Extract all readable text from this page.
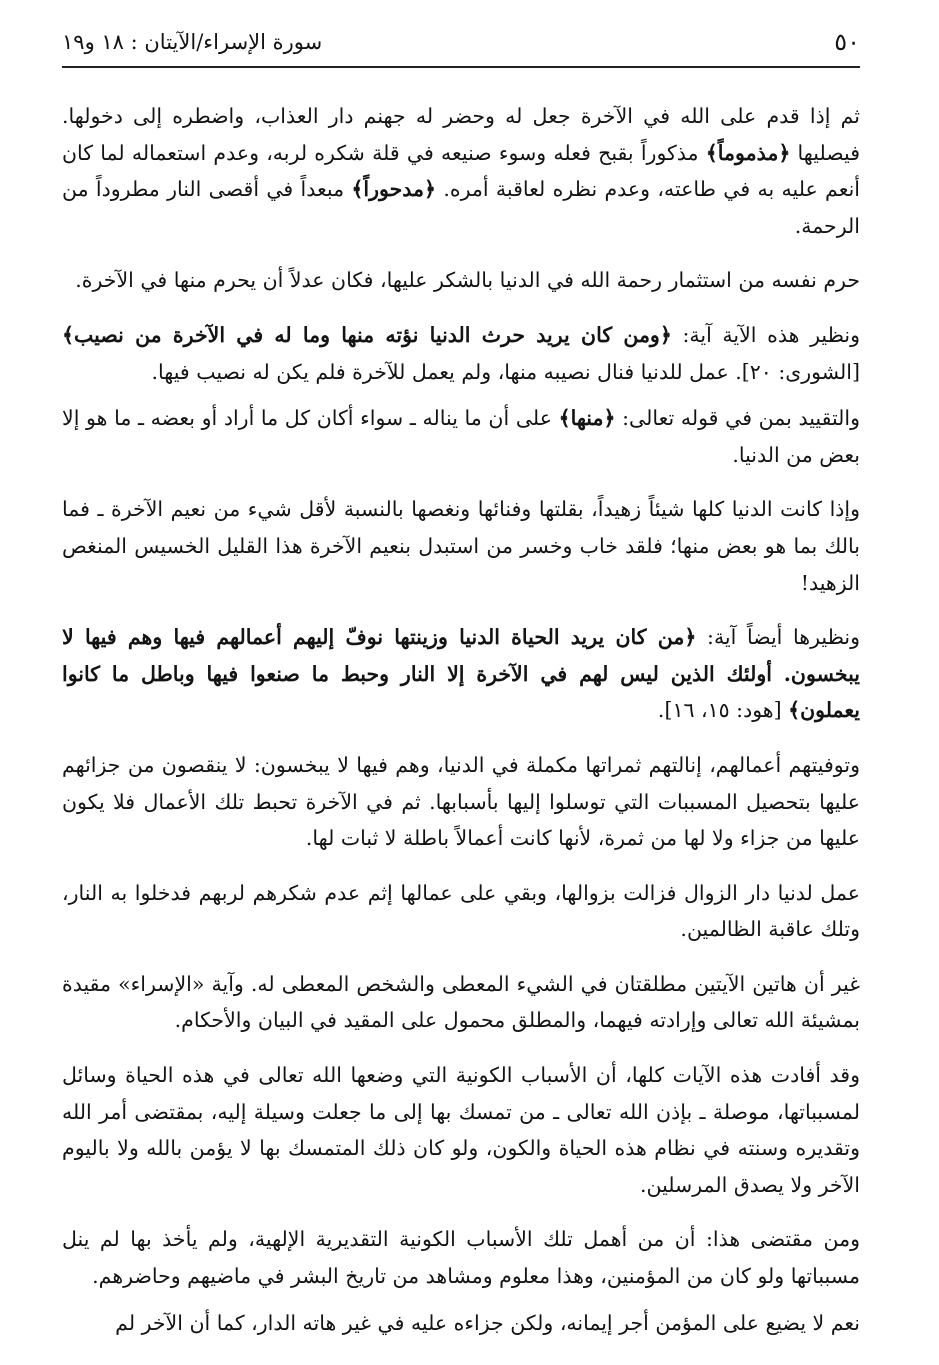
٥٠
سورة الإسراء/الآيتان : ١٨ و١٩

ثم إذا قدم على الله في الآخرة جعل له وحضر له جهنم دار العذاب، واضطره إلى دخولها. فيصليها ﴿مذموماً﴾ مذكوراً بقبح فعله وسوء صنيعه في قلة شكره لربه، وعدم استعماله لما كان أنعم عليه به في طاعته، وعدم نظره لعاقبة أمره. ﴿مدحوراً﴾ مبعداً في أقصى النار مطروداً من الرحمة.

حرم نفسه من استثمار رحمة الله في الدنيا بالشكر عليها، فكان عدلاً أن يحرم منها في الآخرة.

ونظير هذه الآية آية: ﴿ومن كان يريد حرث الدنيا نؤته منها وما له في الآخرة من نصيب﴾ [الشورى: ٢٠]. عمل للدنيا فنال نصيبه منها، ولم يعمل للآخرة فلم يكن له نصيب فيها.

والتقييد بمن في قوله تعالى: ﴿منها﴾ على أن ما يناله ـ سواء أكان كل ما أراد أو بعضه ـ ما هو إلا بعض من الدنيا.

وإذا كانت الدنيا كلها شيئاً زهيداً، بقلتها وفنائها ونغصها بالنسبة لأقل شيء من نعيم الآخرة ـ فما بالك بما هو بعض منها؛ فلقد خاب وخسر من استبدل بنعيم الآخرة هذا القليل الخسيس المنغص الزهيد!

ونظيرها أيضاً آية: ﴿من كان يريد الحياة الدنيا وزينتها نوفّ إليهم أعمالهم فيها وهم فيها لا يبخسون. أولئك الذين ليس لهم في الآخرة إلا النار وحبط ما صنعوا فيها وباطل ما كانوا يعملون﴾ [هود: ١٥، ١٦].

وتوفيتهم أعمالهم، إنالتهم ثمراتها مكملة في الدنيا، وهم فيها لا يبخسون: لا ينقصون من جزائهم عليها بتحصيل المسببات التي توسلوا إليها بأسبابها. ثم في الآخرة تحبط تلك الأعمال فلا يكون عليها من جزاء ولا لها من ثمرة، لأنها كانت أعمالاً باطلة لا ثبات لها.

عمل لدنيا دار الزوال فزالت بزوالها، وبقي على عمالها إثم عدم شكرهم لربهم فدخلوا به النار، وتلك عاقبة الظالمين.

غير أن هاتين الآيتين مطلقتان في الشيء المعطى والشخص المعطى له. وآية «الإسراء» مقيدة بمشيئة الله تعالى وإرادته فيهما، والمطلق محمول على المقيد في البيان والأحكام.

وقد أفادت هذه الآيات كلها، أن الأسباب الكونية التي وضعها الله تعالى في هذه الحياة وسائل لمسبباتها، موصلة ـ بإذن الله تعالى ـ من تمسك بها إلى ما جعلت وسيلة إليه، بمقتضى أمر الله وتقديره وسنته في نظام هذه الحياة والكون، ولو كان ذلك المتمسك بها لا يؤمن بالله ولا باليوم الآخر ولا يصدق المرسلين.

ومن مقتضى هذا: أن من أهمل تلك الأسباب الكونية التقديرية الإلهية، ولم يأخذ بها لم ينل مسبباتها ولو كان من المؤمنين، وهذا معلوم ومشاهد من تاريخ البشر في ماضيهم وحاضرهم.

نعم لا يضيع على المؤمن أجر إيمانه، ولكن جزاءه عليه في غير هاته الدار، كما أن الآخر لم
